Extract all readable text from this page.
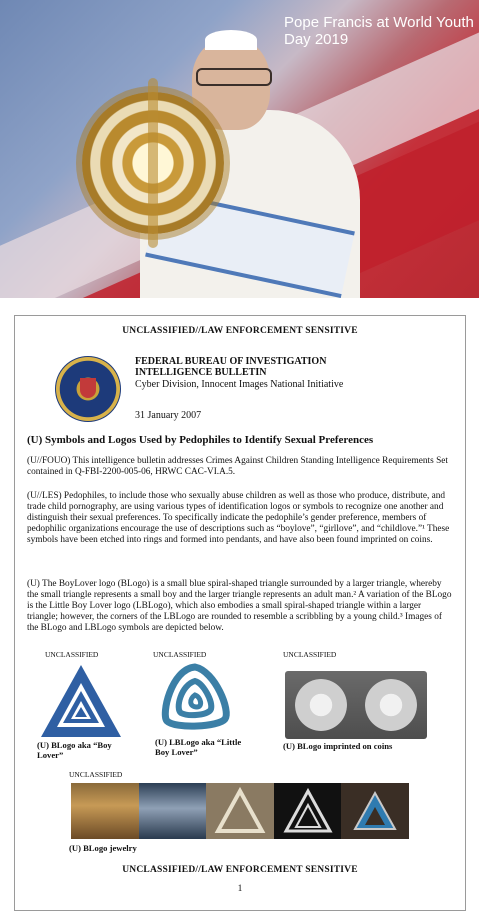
Pope Francis at World Youth Day 2019
UNCLASSIFIED//LAW ENFORCEMENT SENSITIVE
FEDERAL BUREAU OF INVESTIGATION
INTELLIGENCE BULLETIN
Cyber Division, Innocent Images National Initiative
31 January 2007
(U) Symbols and Logos Used by Pedophiles to Identify Sexual Preferences

(U//FOUO) This intelligence bulletin addresses Crimes Against Children Standing Intelligence Requirements Set contained in Q-FBI-2200-005-06, HRWC CAC-VI.A.5.

(U//LES) Pedophiles, to include those who sexually abuse children as well as those who produce, distribute, and trade child pornography, are using various types of identification logos or symbols to recognize one another and distinguish their sexual preferences. To specifically indicate the pedophile’s gender preference, members of pedophilic organizations encourage the use of descriptions such as “boylove”, “girllove”, and “childlove.”¹ These symbols have been etched into rings and formed into pendants, and have also been found imprinted on coins.

(U) The BoyLover logo (BLogo) is a small blue spiral-shaped triangle surrounded by a larger triangle, whereby the small triangle represents a small boy and the larger triangle represents an adult man.² A variation of the BLogo is the Little Boy Lover logo (LBLogo), which also embodies a small spiral-shaped triangle within a larger triangle; however, the corners of the LBLogo are rounded to resemble a scribbling by a young child.³ Images of the BLogo and LBLogo symbols are depicted below.

UNCLASSIFIED	UNCLASSIFIED	UNCLASSIFIED
(U) BLogo aka “Boy Lover”
(U) LBLogo aka “Little Boy Lover”
(U) BLogo imprinted on coins
UNCLASSIFIED
(U) BLogo jewelry
UNCLASSIFIED//LAW ENFORCEMENT SENSITIVE
1
